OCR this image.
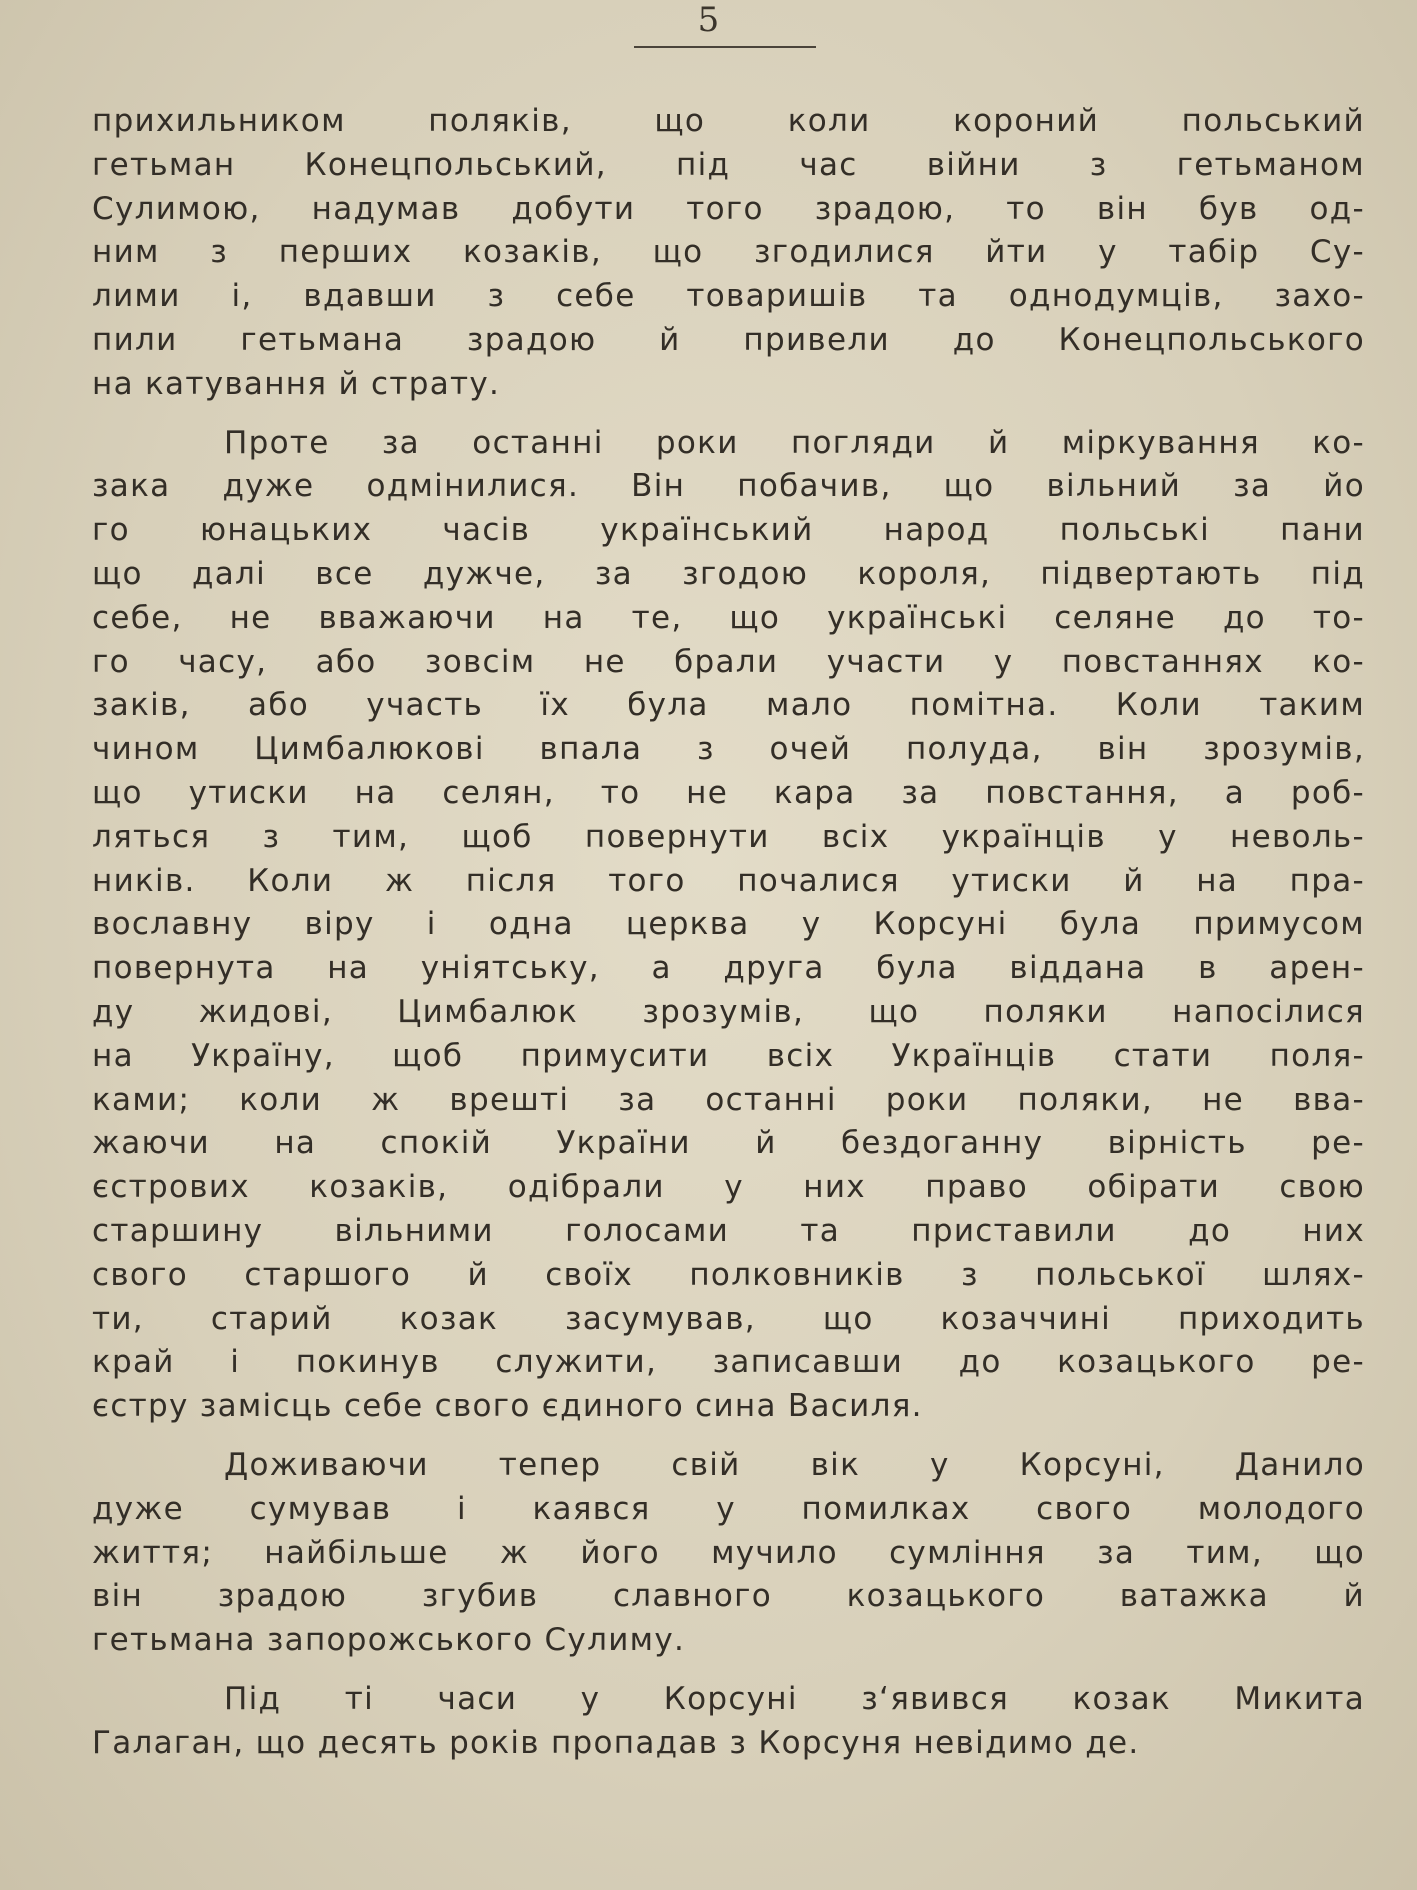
5
прихильником поляків, що коли короний польський
гетьман Конецпольський, під час війни з гетьманом
Сулимою, надумав добути того зрадою, то він був од-
ним з перших козаків, що згодилися йти у табір Су-
лими і, вдавши з себе товаришів та однодумців, захо-
пили гетьмана зрадою й привели до Конецпольського
на катування й страту.
Проте за останні роки погляди й міркування ко-
зака дуже одмінилися. Він побачив, що вільний за йо
го юнацьких часів український народ польські пани
що далі все дужче, за згодою короля, підвертають під
себе, не вважаючи на те, що українські селяне до то-
го часу, або зовсім не брали участи у повстаннях ко-
заків, або участь їх була мало помітна. Коли таким
чином Цимбалюкові впала з очей полуда, він зрозумів,
що утиски на селян, то не кара за повстання, а роб-
ляться з тим, щоб повернути всіх українців у неволь-
ників. Коли ж після того почалися утиски й на пра-
вославну віру і одна церква у Корсуні була примусом
повернута на уніятську, а друга була віддана в арен-
ду жидові, Цимбалюк зрозумів, що поляки напосілися
на Україну, щоб примусити всіх Українців стати поля-
ками; коли ж врешті за останні роки поляки, не вва-
жаючи на спокій України й бездоганну вірність ре-
єстрових козаків, одібрали у них право обірати свою
старшину вільними голосами та приставили до них
свого старшого й своїх полковників з польської шлях-
ти, старий козак засумував, що козаччині приходить
край і покинув служити, записавши до козацького ре-
єстру замісць себе свого єдиного сина Василя.
Доживаючи тепер свій вік у Корсуні, Данило
дуже сумував і каявся у помилках свого молодого
життя; найбільше ж його мучило сумління за тим, що
він зрадою згубив славного козацького ватажка й
гетьмана запорожського Сулиму.
Під ті часи у Корсуні з‘явився козак Микита
Галаган, що десять років пропадав з Корсуня невідимо де.
